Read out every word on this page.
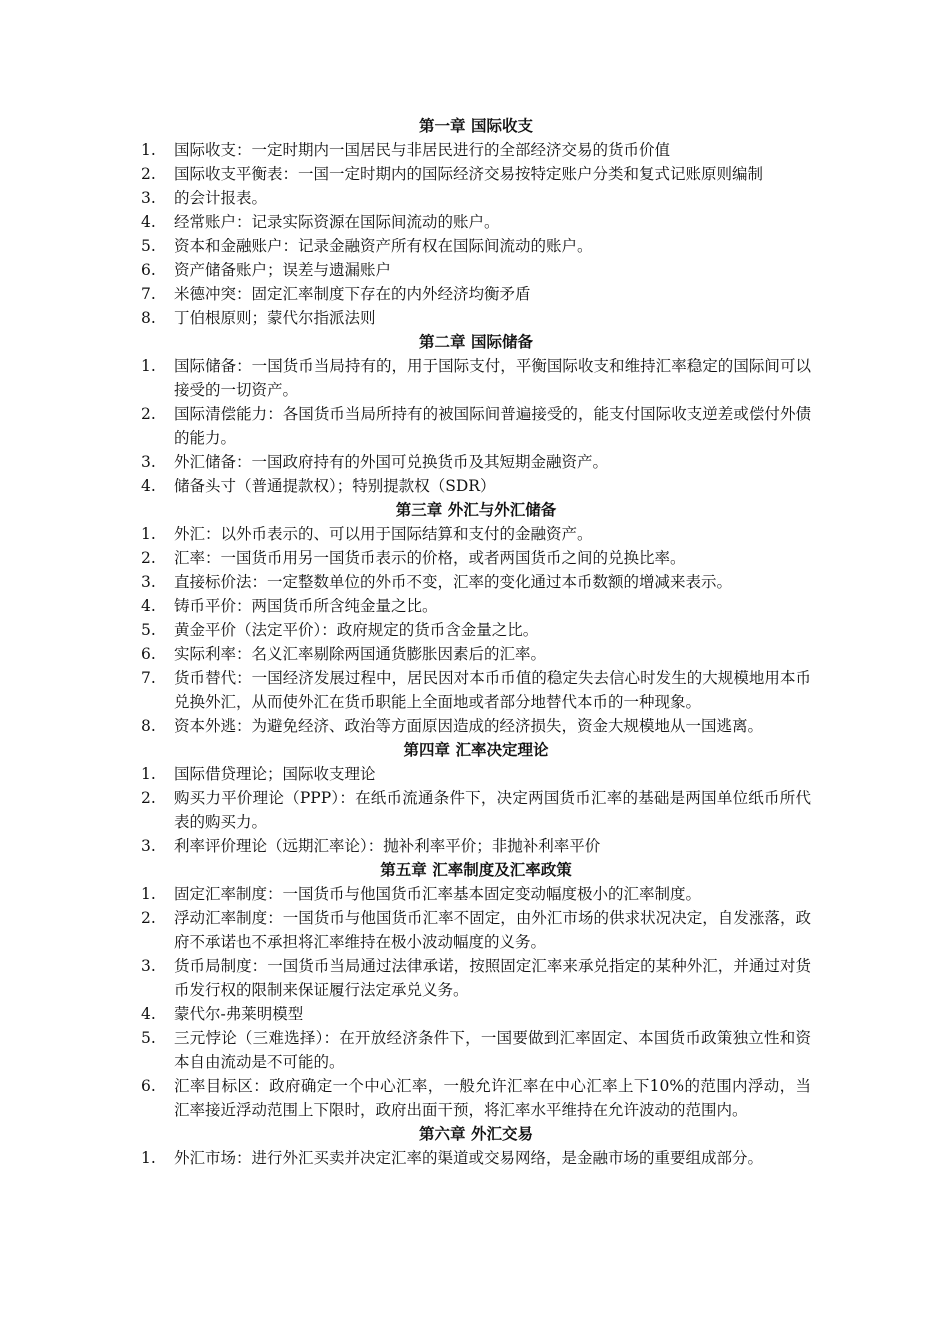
第一章 国际收支
1.	国际收支：一定时期内一国居民与非居民进行的全部经济交易的货币价值
2.	国际收支平衡表：一国一定时期内的国际经济交易按特定账户分类和复式记账原则编制
3.	的会计报表。
4.	经常账户：记录实际资源在国际间流动的账户。
5.	资本和金融账户：记录金融资产所有权在国际间流动的账户。
6.	资产储备账户；误差与遗漏账户
7.	米德冲突：固定汇率制度下存在的内外经济均衡矛盾
8.	丁伯根原则；蒙代尔指派法则
第二章 国际储备
1.	国际储备：一国货币当局持有的，用于国际支付，平衡国际收支和维持汇率稳定的国际间可以接受的一切资产。
2.	国际清偿能力：各国货币当局所持有的被国际间普遍接受的，能支付国际收支逆差或偿付外债的能力。
3.	外汇储备：一国政府持有的外国可兑换货币及其短期金融资产。
4.	储备头寸（普通提款权）；特别提款权（SDR）
第三章 外汇与外汇储备
1.	外汇：以外币表示的、可以用于国际结算和支付的金融资产。
2.	汇率：一国货币用另一国货币表示的价格，或者两国货币之间的兑换比率。
3.	直接标价法：一定整数单位的外币不变，汇率的变化通过本币数额的增减来表示。
4.	铸币平价：两国货币所含纯金量之比。
5.	黄金平价（法定平价）：政府规定的货币含金量之比。
6.	实际利率：名义汇率剔除两国通货膨胀因素后的汇率。
7.	货币替代：一国经济发展过程中，居民因对本币币值的稳定失去信心时发生的大规模地用本币兑换外汇，从而使外汇在货币职能上全面地或者部分地替代本币的一种现象。
8.	资本外逃：为避免经济、政治等方面原因造成的经济损失，资金大规模地从一国逃离。
第四章 汇率决定理论
1.	国际借贷理论；国际收支理论
2.	购买力平价理论（PPP）：在纸币流通条件下，决定两国货币汇率的基础是两国单位纸币所代表的购买力。
3.	利率评价理论（远期汇率论）：抛补利率平价；非抛补利率平价
第五章 汇率制度及汇率政策
1.	固定汇率制度：一国货币与他国货币汇率基本固定变动幅度极小的汇率制度。
2.	浮动汇率制度：一国货币与他国货币汇率不固定，由外汇市场的供求状况决定，自发涨落，政府不承诺也不承担将汇率维持在极小波动幅度的义务。
3.	货币局制度：一国货币当局通过法律承诺，按照固定汇率来承兑指定的某种外汇，并通过对货币发行权的限制来保证履行法定承兑义务。
4.	蒙代尔-弗莱明模型
5.	三元悖论（三难选择）：在开放经济条件下，一国要做到汇率固定、本国货币政策独立性和资本自由流动是不可能的。
6.	汇率目标区：政府确定一个中心汇率，一般允许汇率在中心汇率上下10%的范围内浮动，当汇率接近浮动范围上下限时，政府出面干预，将汇率水平维持在允许波动的范围内。
第六章 外汇交易
1.	外汇市场：进行外汇买卖并决定汇率的渠道或交易网络，是金融市场的重要组成部分。
